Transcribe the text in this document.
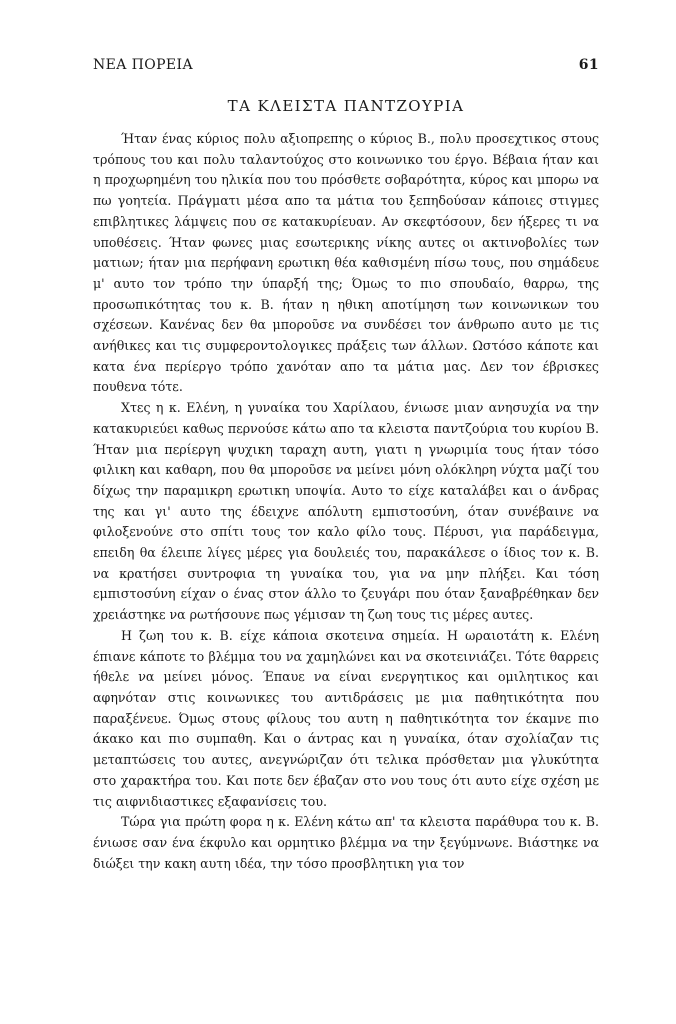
ΝΕΑ ΠΟΡΕΙΑ	61
ΤΑ ΚΛΕΙΣΤΑ ΠΑΝΤΖΟΥΡΙΑ

Ήταν ένας κύριος πολυ αξιοπρεπης ο κύριος Β., πολυ προσεχτικος στους τρόπους του και πολυ ταλαντούχος στο κοινωνικο του έργο. Βέβαια ήταν και η προχωρημένη του ηλικία που του πρόσθετε σοβαρότητα, κύρος και μπορω να πω γοητεία. Πράγματι μέσα απο τα μάτια του ξεπηδούσαν κάποιες στιγμες επιβλητικες λάμψεις που σε κατακυρίευαν. Αν σκεφτόσουν, δεν ήξερες τι να υποθέσεις. Ήταν φωνες μιας εσωτερικης νίκης αυτες οι ακτινοβολίες των ματιων; ήταν μια περήφανη ερωτικη θέα καθισμένη πίσω τους, που σημάδευε μ' αυτο τον τρόπο την ύπαρξή της; Όμως το πιο σπουδαίο, θαρρω, της προσωπικότητας του κ. Β. ήταν η ηθικη αποτίμηση των κοινωνικων του σχέσεων. Κανένας δεν θα μποροῦσε να συνδέσει τον άνθρωπο αυτο με τις ανήθικες και τις συμφεροντολογικες πράξεις των άλλων. Ωστόσο κάποτε και κατα ένα περίεργο τρόπο χανόταν απο τα μάτια μας. Δεν τον έβρισκες πουθενα τότε.

Χτες η κ. Ελένη, η γυναίκα του Χαρίλαου, ένιωσε μιαν ανησυχία να την κατακυριεύει καθως περνούσε κάτω απο τα κλειστα παντζούρια του κυρίου Β. Ήταν μια περίεργη ψυχικη ταραχη αυτη, γιατι η γνωριμία τους ήταν τόσο φιλικη και καθαρη, που θα μποροῦσε να μείνει μόνη ολόκληρη νύχτα μαζί του δίχως την παραμικρη ερωτικη υποψία. Αυτο το είχε καταλάβει και ο άνδρας της και γι' αυτο της έδειχνε απόλυτη εμπιστοσύνη, όταν συνέβαινε να φιλοξενούνε στο σπίτι τους τον καλο φίλο τους. Πέρυσι, για παράδειγμα, επειδη θα έλειπε λίγες μέρες για δουλειές του, παρακάλεσε ο ίδιος τον κ. Β. να κρατήσει συντροφια τη γυναίκα του, για να μην πλήξει. Και τόση εμπιστοσύνη είχαν ο ένας στον άλλο το ζευγάρι που όταν ξαναβρέθηκαν δεν χρειάστηκε να ρωτήσουνε πως γέμισαν τη ζωη τους τις μέρες αυτες.

Η ζωη του κ. Β. είχε κάποια σκοτεινα σημεία. Η ωραιοτάτη κ. Ελένη έπιανε κάποτε το βλέμμα του να χαμηλώνει και να σκοτεινιάζει. Τότε θαρρεις ήθελε να μείνει μόνος. Έπαυε να είναι ενεργητικος και ομιλητικος και αφηνόταν στις κοινωνικες του αντιδράσεις με μια παθητικότητα που παραξένευε. Όμως στους φίλους του αυτη η παθητικότητα τον έκαμνε πιο άκακο και πιο συμπαθη. Και ο άντρας και η γυναίκα, όταν σχολίαζαν τις μεταπτώσεις του αυτες, ανεγνώριζαν ότι τελικα πρόσθεταν μια γλυκύτητα στο χαρακτήρα του. Και ποτε δεν έβαζαν στο νου τους ότι αυτο είχε σχέση με τις αιφνιδιαστικες εξαφανίσεις του.

Τώρα για πρώτη φορα η κ. Ελένη κάτω απ' τα κλειστα παράθυρα του κ. Β. ένιωσε σαν ένα έκφυλο και ορμητικο βλέμμα να την ξεγύμνωνε. Βιάστηκε να διώξει την κακη αυτη ιδέα, την τόσο προσβλητικη για τον
